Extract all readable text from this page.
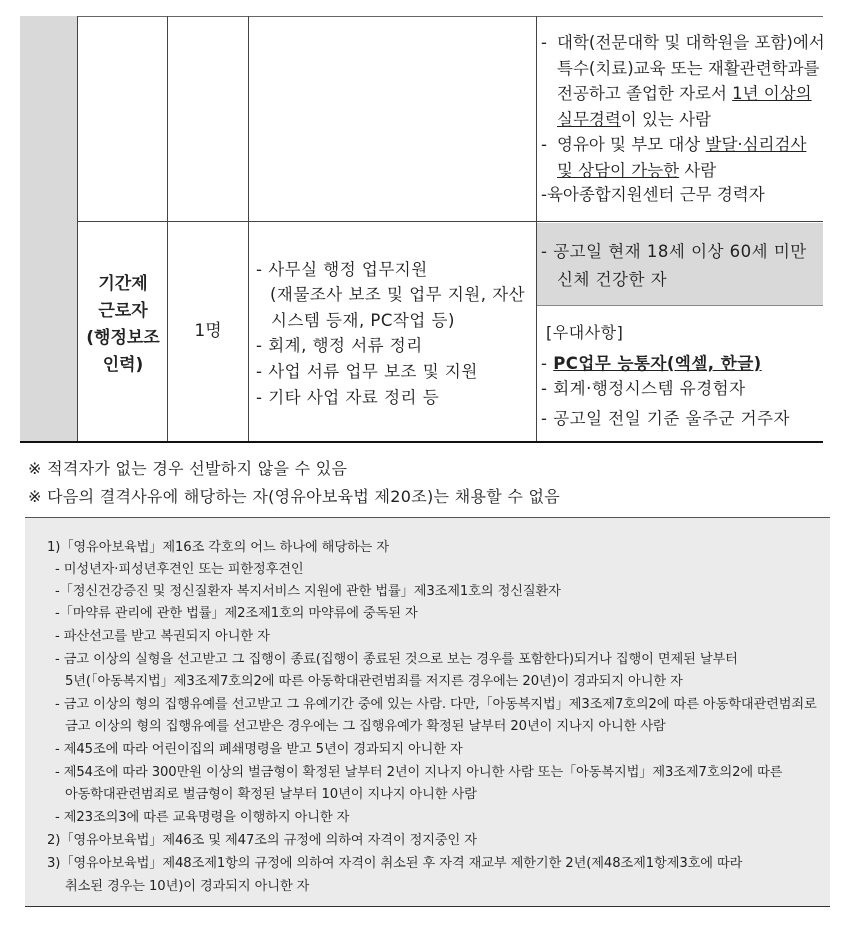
- 대학(전문대학 및 대학원을 포함)에서
특수(치료)교육 또는 재활관련학과를
전공하고 졸업한 자로서 1년 이상의 실무경력이 있는 사람
- 영유아 및 부모 대상 발달·심리검사 및 상담이 가능한 사람
-육아종합지원센터 근무 경력자
기간제
근로자
(행정보조
인력)
1명
- 사무실 행정 업무지원
(재물조사 보조 및 업무 지원, 자산
시스템 등재, PC작업 등)
- 회계, 행정 서류 정리
- 사업 서류 업무 보조 및 지원
- 기타 사업 자료 정리 등
- 공고일 현재 18세 이상 60세 미만
신체 건강한 자
[우대사항]
- PC업무 능통자(엑셀, 한글)
- 회계·행정시스템 유경험자
- 공고일 전일 기준 울주군 거주자
※ 적격자가 없는 경우 선발하지 않을 수 있음
※ 다음의 결격사유에 해당하는 자(영유아보육법 제20조)는 채용할 수 없음
1)「영유아보육법」제16조 각호의 어느 하나에 해당하는 자
- 미성년자·피성년후견인 또는 피한정후견인
-「정신건강증진 및 정신질환자 복지서비스 지원에 관한 법률」제3조제1호의 정신질환자
-「마약류 관리에 관한 법률」제2조제1호의 마약류에 중독된 자
- 파산선고를 받고 복권되지 아니한 자
- 금고 이상의 실형을 선고받고 그 집행이 종료(집행이 종료된 것으로 보는 경우를 포함한다)되거나 집행이 면제된 날부터
5년(「아동복지법」제3조제7호의2에 따른 아동학대관련범죄를 저지른 경우에는 20년)이 경과되지 아니한 자
- 금고 이상의 형의 집행유예를 선고받고 그 유예기간 중에 있는 사람. 다만,「아동복지법」제3조제7호의2에 따른 아동학대관련범죄로
금고 이상의 형의 집행유예를 선고받은 경우에는 그 집행유예가 확정된 날부터 20년이 지나지 아니한 사람
- 제45조에 따라 어린이집의 폐쇄명령을 받고 5년이 경과되지 아니한 자
- 제54조에 따라 300만원 이상의 벌금형이 확정된 날부터 2년이 지나지 아니한 사람 또는「아동복지법」제3조제7호의2에 따른
아동학대관련범죄로 벌금형이 확정된 날부터 10년이 지나지 아니한 사람
- 제23조의3에 따른 교육명령을 이행하지 아니한 자
2)「영유아보육법」제46조 및 제47조의 규정에 의하여 자격이 정지중인 자
3)「영유아보육법」제48조제1항의 규정에 의하여 자격이 취소된 후 자격 재교부 제한기한 2년(제48조제1항제3호에 따라
취소된 경우는 10년)이 경과되지 아니한 자
